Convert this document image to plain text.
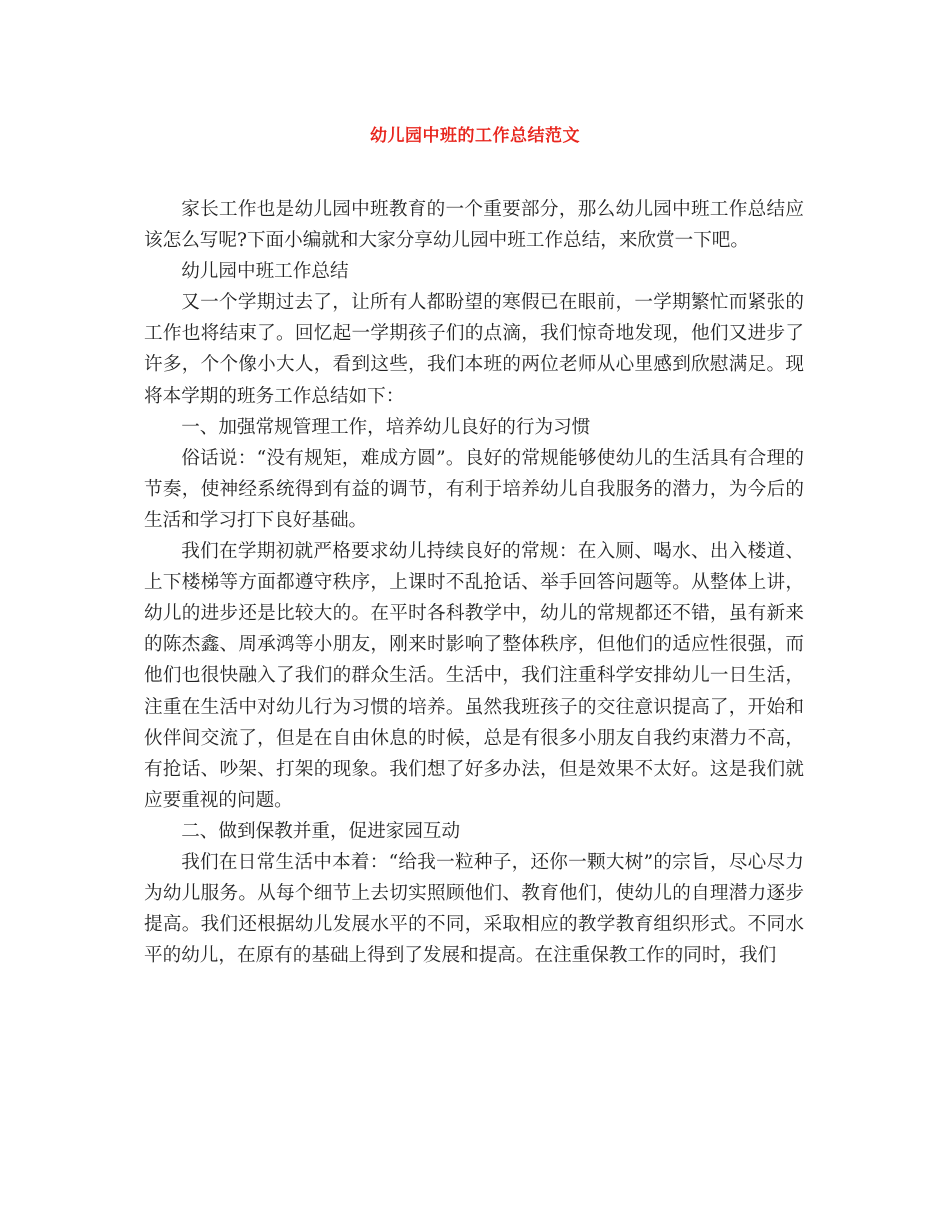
幼儿园中班的工作总结范文

家长工作也是幼儿园中班教育的一个重要部分，那么幼儿园中班工作总结应该怎么写呢?下面小编就和大家分享幼儿园中班工作总结，来欣赏一下吧。

幼儿园中班工作总结

又一个学期过去了，让所有人都盼望的寒假已在眼前，一学期繁忙而紧张的工作也将结束了。回忆起一学期孩子们的点滴，我们惊奇地发现，他们又进步了许多，个个像小大人，看到这些，我们本班的两位老师从心里感到欣慰满足。现将本学期的班务工作总结如下：

一、加强常规管理工作，培养幼儿良好的行为习惯

俗话说：“没有规矩，难成方圆”。良好的常规能够使幼儿的生活具有合理的节奏，使神经系统得到有益的调节，有利于培养幼儿自我服务的潜力，为今后的生活和学习打下良好基础。

我们在学期初就严格要求幼儿持续良好的常规：在入厕、喝水、出入楼道、上下楼梯等方面都遵守秩序，上课时不乱抢话、举手回答问题等。从整体上讲，幼儿的进步还是比较大的。在平时各科教学中，幼儿的常规都还不错，虽有新来的陈杰鑫、周承鸿等小朋友，刚来时影响了整体秩序，但他们的适应性很强，而他们也很快融入了我们的群众生活。生活中，我们注重科学安排幼儿一日生活，注重在生活中对幼儿行为习惯的培养。虽然我班孩子的交往意识提高了，开始和伙伴间交流了，但是在自由休息的时候，总是有很多小朋友自我约束潜力不高，有抢话、吵架、打架的现象。我们想了好多办法，但是效果不太好。这是我们就应要重视的问题。

二、做到保教并重，促进家园互动

我们在日常生活中本着：“给我一粒种子，还你一颗大树”的宗旨，尽心尽力为幼儿服务。从每个细节上去切实照顾他们、教育他们，使幼儿的自理潜力逐步提高。我们还根据幼儿发展水平的不同，采取相应的教学教育组织形式。不同水平的幼儿，在原有的基础上得到了发展和提高。在注重保教工作的同时，我们
